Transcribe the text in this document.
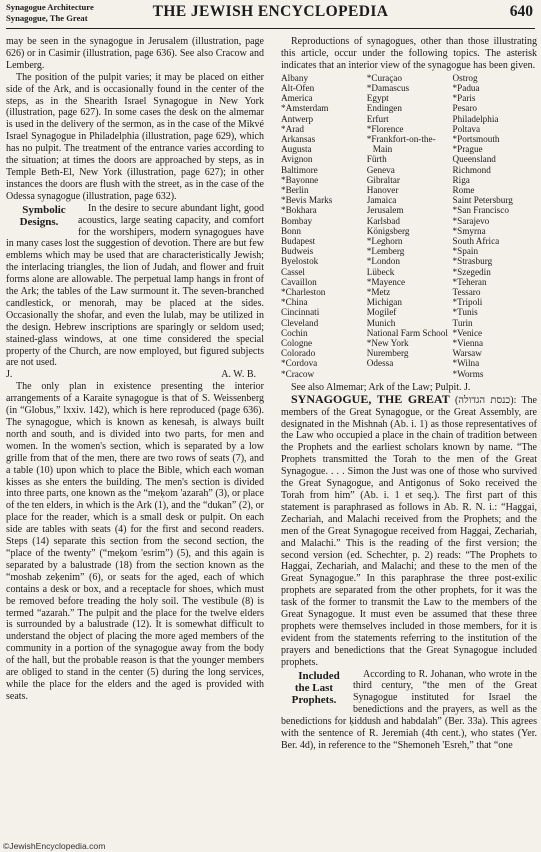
Synagogue Architecture
Synagogue, The Great	THE JEWISH ENCYCLOPEDIA	640

may be seen in the synagogue in Jerusalem (illustration, page 626) or in Casimir (illustration, page 636). See also Cracow and Lemberg.

The position of the pulpit varies; it may be placed on either side of the Ark, and is occasionally found in the center of the steps, as in the Shearith Israel Synagogue in New York (illustration, page 627). In some cases the desk on the almemar is used in the delivery of the sermon, as in the case of the Mikvé Israel Synagogue in Philadelphia (illustration, page 629), which has no pulpit. The treatment of the entrance varies according to the situation; at times the doors are approached by steps, as in Temple Beth-El, New York (illustration, page 627); in other instances the doors are flush with the street, as in the case of the Odessa synagogue (illustration, page 632).

Symbolic Designs.
In the desire to secure abundant light, good acoustics, large seating capacity, and comfort for the worshipers, modern synagogues have in many cases lost the suggestion of devotion. There are but few emblems which may be used that are characteristically Jewish; the interlacing triangles, the lion of Judah, and flower and fruit forms alone are allowable. The perpetual lamp hangs in front of the Ark; the tables of the Law surmount it. The seven-branched candlestick, or menorah, may be placed at the sides. Occasionally the shofar, and even the lulab, may be utilized in the design. Hebrew inscriptions are sparingly or seldom used; stained-glass windows, at one time considered the special property of the Church, are now employed, but figured subjects are not used.

J.	A. W. B.

The only plan in existence presenting the interior arrangements of a Karaite synagogue is that of S. Weissenberg (in “Globus,” lxxiv. 142), which is here reproduced (page 636). The synagogue, which is known as kenesah, is always built north and south, and is divided into two parts, for men and women. In the women's section, which is separated by a low grille from that of the men, there are two rows of seats (7), and a table (10) upon which to place the Bible, which each woman kisses as she enters the building. The men's section is divided into three parts, one known as the “meḳom 'azarah” (3), or place of the ten elders, in which is the Ark (1), and the “dukan” (2), or place for the reader, which is a small desk or pulpit. On each side are tables with seats (4) for the first and second readers. Steps (14) separate this section from the second section, the “place of the twenty” (“meḳom 'esrim”) (5), and this again is separated by a balustrade (18) from the section known as the “moshab zeḳenim” (6), or seats for the aged, each of which contains a desk or box, and a receptacle for shoes, which must be removed before treading the holy soil. The vestibule (8) is termed “azarah.” The pulpit and the place for the twelve elders is surrounded by a balustrade (12). It is somewhat difficult to understand the object of placing the more aged members of the community in a portion of the synagogue away from the body of the hall, but the probable reason is that the younger members are obliged to stand in the center (5) during the long services, while the place for the elders and the aged is provided with seats.

Reproductions of synagogues, other than those illustrating this article, occur under the following topics. The asterisk indicates that an interior view of the synagogue has been given.

Albany
Alt-Ofen
America
*Amsterdam
Antwerp
*Arad
Arkansas
Augusta
Avignon
Baltimore
*Bayonne
*Berlin
*Bevis Marks
*Bokhara
Bombay
Bonn
Budapest
Budweis
Byelostok
Cassel
Cavaillon
*Charleston
*China
Cincinnati
Cleveland
Cochin
Cologne
Colorado
*Cordova
*Cracow
*Curaçao
*Damascus
Egypt
Endingen
Erfurt
*Florence
*Frankfort-on-the-Main
Fürth
Geneva
Gibraltar
Hanover
Jamaica
Jerusalem
Karlsbad
Königsberg
*Leghorn
*Lemberg
*London
Lübeck
*Mayence
*Metz
Michigan
Mogilef
Munich
National Farm School
*New York
Nuremberg
Odessa
Ostrog
*Padua
*Paris
Pesaro
Philadelphia
Poltava
*Portsmouth
*Prague
Queensland
Richmond
Riga
Rome
Saint Petersburg
*San Francisco
*Sarajevo
*Smyrna
South Africa
*Spain
*Strasburg
*Szegedin
*Teheran
Tessaro
*Tripoli
*Tunis
Turin
*Venice
*Vienna
Warsaw
*Wilna
*Worms

See also Almemar; Ark of the Law; Pulpit. J.

SYNAGOGUE, THE GREAT (כנסת הגדולה): The members of the Great Synagogue, or the Great Assembly, are designated in the Mishnah (Ab. i. 1) as those representatives of the Law who occupied a place in the chain of tradition between the Prophets and the earliest scholars known by name. “The Prophets transmitted the Torah to the men of the Great Synagogue. . . . Simon the Just was one of those who survived the Great Synagogue, and Antigonus of Soko received the Torah from him” (Ab. i. 1 et seq.). The first part of this statement is paraphrased as follows in Ab. R. N. i.: “Haggai, Zechariah, and Malachi received from the Prophets; and the men of the Great Synagogue received from Haggai, Zechariah, and Malachi.” This is the reading of the first version; the second version (ed. Schechter, p. 2) reads: “The Prophets to Haggai, Zechariah, and Malachi; and these to the men of the Great Synagogue.” In this paraphrase the three post-exilic prophets are separated from the other prophets, for it was the task of the former to transmit the Law to the members of the Great Synagogue. It must even be assumed that these three prophets were themselves included in those members, for it is evident from the statements referring to the institution of the prayers and benedictions that the Great Synagogue included prophets.

Included the Last Prophets.
According to R. Johanan, who wrote in the third century, “the men of the Great Synagogue instituted for Israel the benedictions and the prayers, as well as the benedictions for ḳiddush and habdalah” (Ber. 33a). This agrees with the sentence of R. Jeremiah (4th cent.), who states (Yer. Ber. 4d), in reference to the “Shemoneh 'Esreh,” that “one

©JewishEncyclopedia.com
